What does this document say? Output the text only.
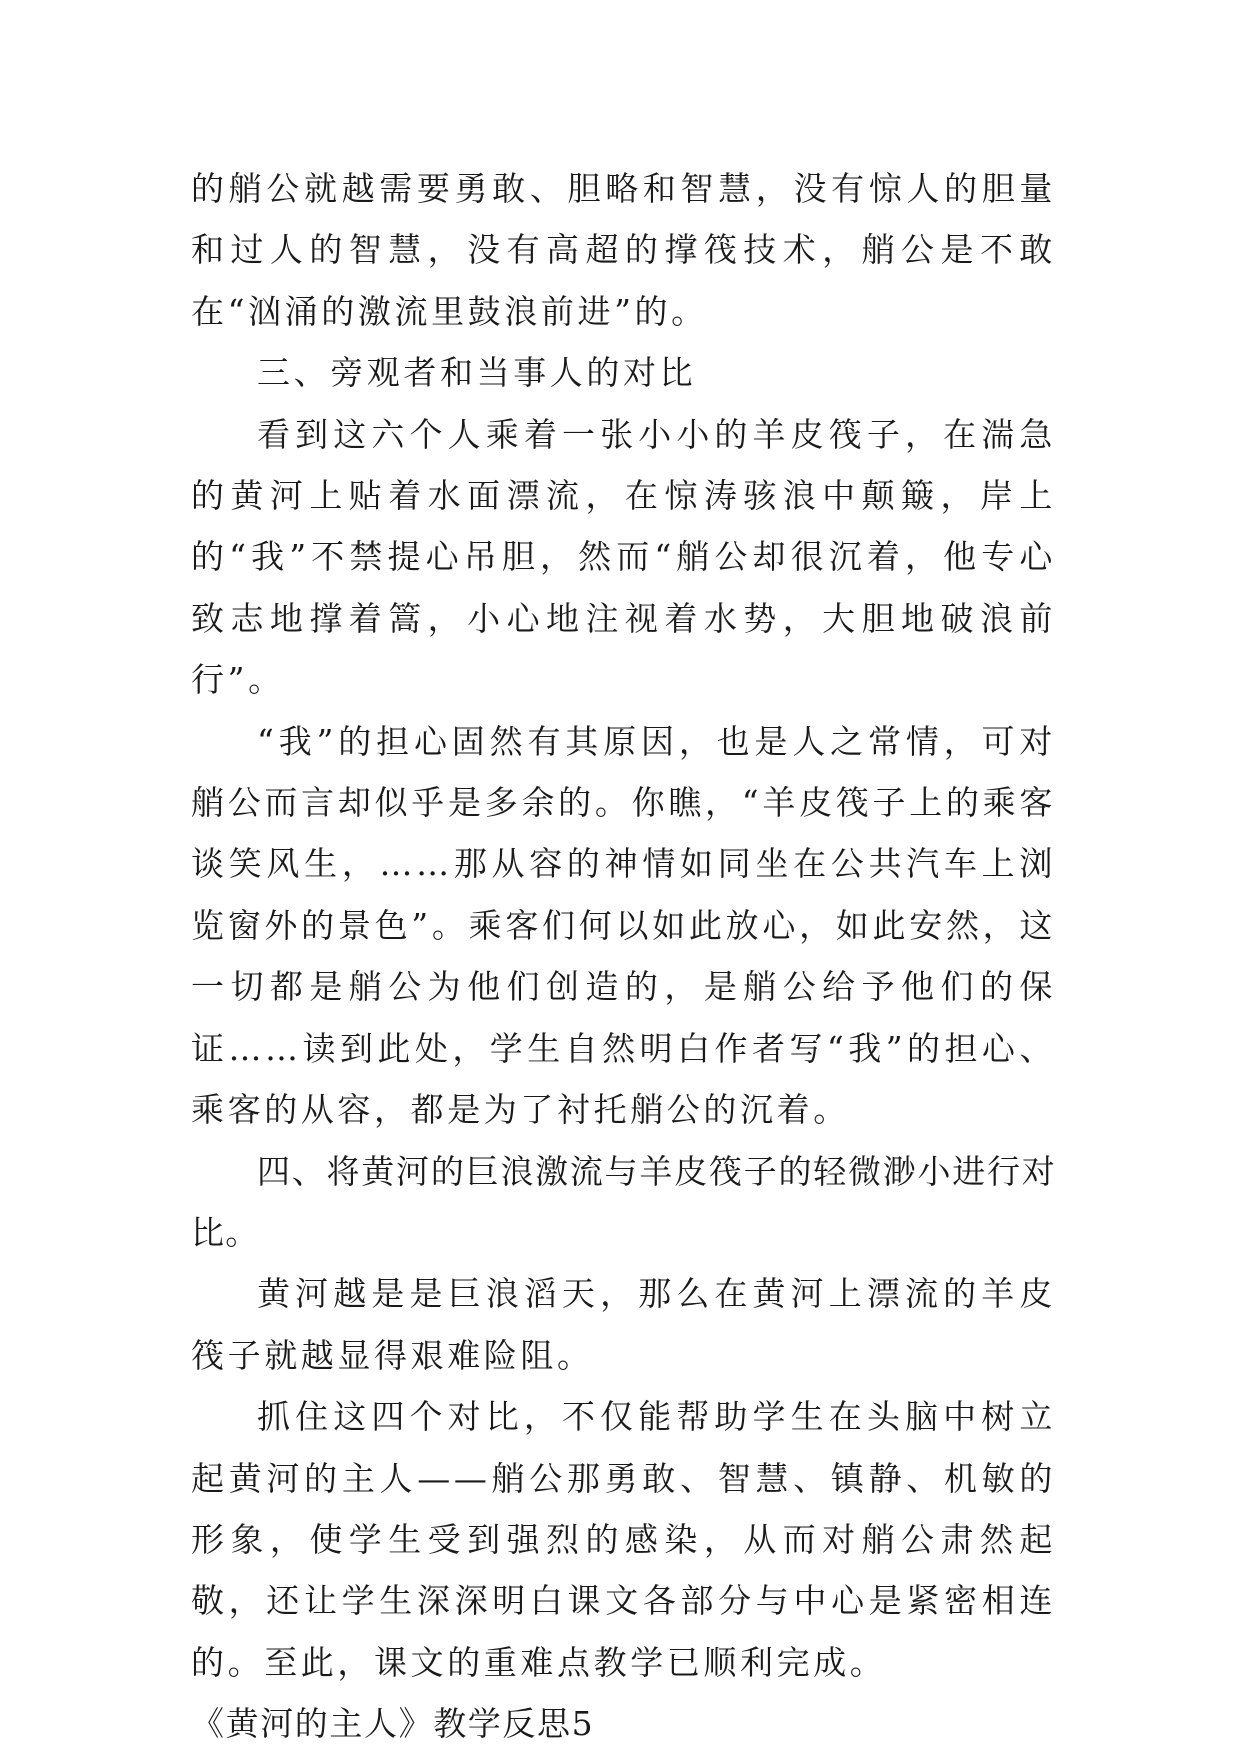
的艄公就越需要勇敢、胆略和智慧，没有惊人的胆量和过人的智慧，没有高超的撑筏技术，艄公是不敢在“汹涌的激流里鼓浪前进”的。

三、旁观者和当事人的对比

看到这六个人乘着一张小小的羊皮筏子，在湍急的黄河上贴着水面漂流，在惊涛骇浪中颠簸，岸上的“我”不禁提心吊胆，然而“艄公却很沉着，他专心致志地撑着篙，小心地注视着水势，大胆地破浪前行”。

“我”的担心固然有其原因，也是人之常情，可对艄公而言却似乎是多余的。你瞧，“羊皮筏子上的乘客谈笑风生，……那从容的神情如同坐在公共汽车上浏览窗外的景色”。乘客们何以如此放心，如此安然，这一切都是艄公为他们创造的，是艄公给予他们的保证……读到此处，学生自然明白作者写“我”的担心、乘客的从容，都是为了衬托艄公的沉着。

四、将黄河的巨浪激流与羊皮筏子的轻微渺小进行对比。

黄河越是是巨浪滔天，那么在黄河上漂流的羊皮筏子就越显得艰难险阻。

抓住这四个对比，不仅能帮助学生在头脑中树立起黄河的主人——艄公那勇敢、智慧、镇静、机敏的形象，使学生受到强烈的感染，从而对艄公肃然起敬，还让学生深深明白课文各部分与中心是紧密相连的。至此，课文的重难点教学已顺利完成。

《黄河的主人》教学反思5
